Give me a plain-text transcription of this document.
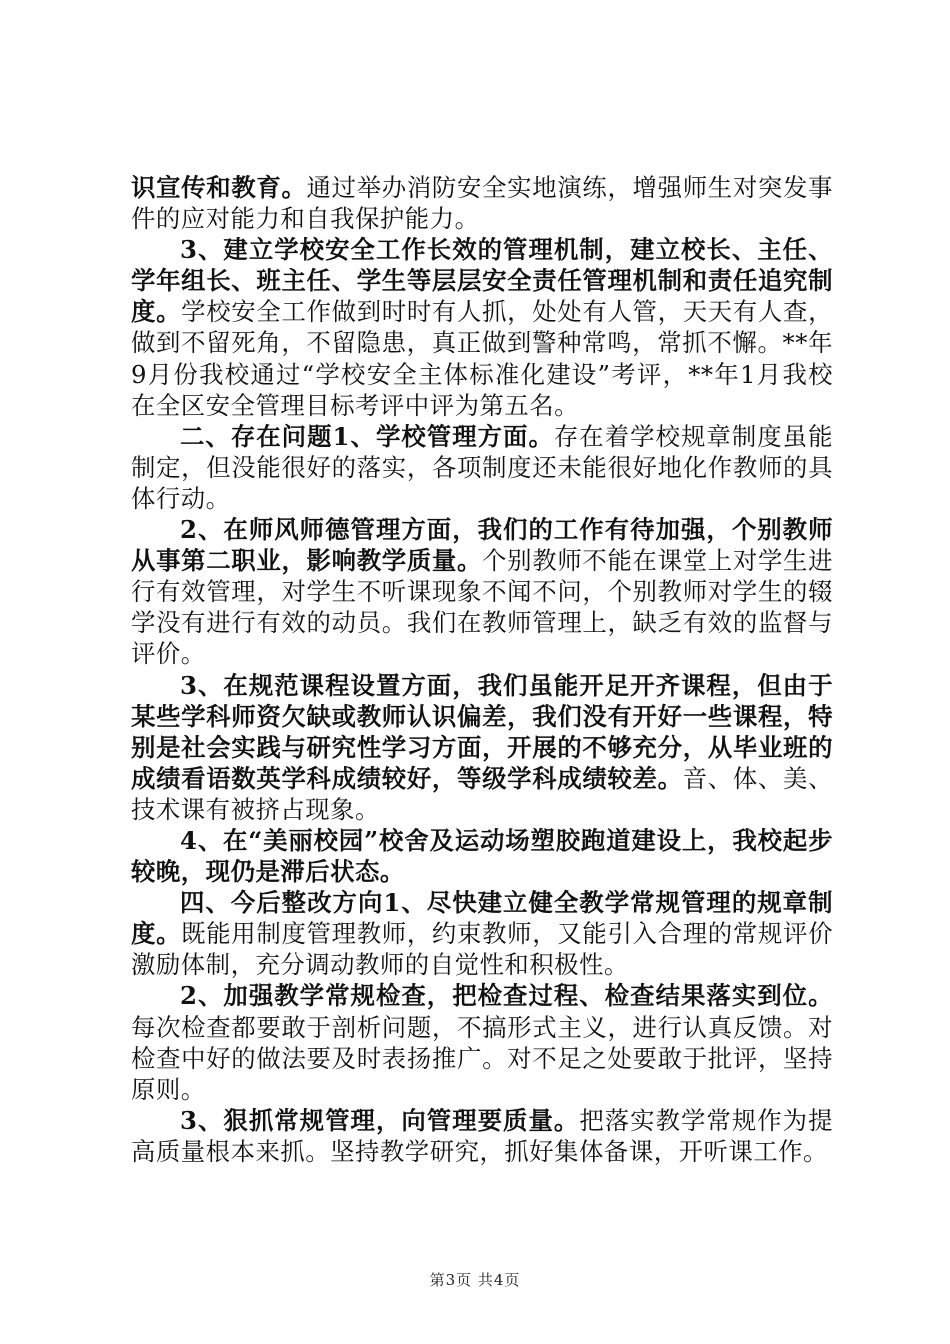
识宣传和教育。通过举办消防安全实地演练，增强师生对突发事件的应对能力和自我保护能力。

3、建立学校安全工作长效的管理机制，建立校长、主任、学年组长、班主任、学生等层层安全责任管理机制和责任追究制度。学校安全工作做到时时有人抓，处处有人管，天天有人查，做到不留死角，不留隐患，真正做到警种常鸣，常抓不懈。**年9月份我校通过“学校安全主体标准化建设”考评，**年1月我校在全区安全管理目标考评中评为第五名。

二、存在问题1、学校管理方面。存在着学校规章制度虽能制定，但没能很好的落实，各项制度还未能很好地化作教师的具体行动。

2、在师风师德管理方面，我们的工作有待加强，个别教师从事第二职业，影响教学质量。个别教师不能在课堂上对学生进行有效管理，对学生不听课现象不闻不问，个别教师对学生的辍学没有进行有效的动员。我们在教师管理上，缺乏有效的监督与评价。

3、在规范课程设置方面，我们虽能开足开齐课程，但由于某些学科师资欠缺或教师认识偏差，我们没有开好一些课程，特别是社会实践与研究性学习方面，开展的不够充分，从毕业班的成绩看语数英学科成绩较好，等级学科成绩较差。音、体、美、技术课有被挤占现象。

4、在“美丽校园”校舍及运动场塑胶跑道建设上，我校起步较晚，现仍是滞后状态。

四、今后整改方向1、尽快建立健全教学常规管理的规章制度。既能用制度管理教师，约束教师，又能引入合理的常规评价激励体制，充分调动教师的自觉性和积极性。

2、加强教学常规检查，把检查过程、检查结果落实到位。每次检查都要敢于剖析问题，不搞形式主义，进行认真反馈。对检查中好的做法要及时表扬推广。对不足之处要敢于批评，坚持原则。

3、狠抓常规管理，向管理要质量。把落实教学常规作为提高质量根本来抓。坚持教学研究，抓好集体备课，开听课工作。

第3页 共4页
